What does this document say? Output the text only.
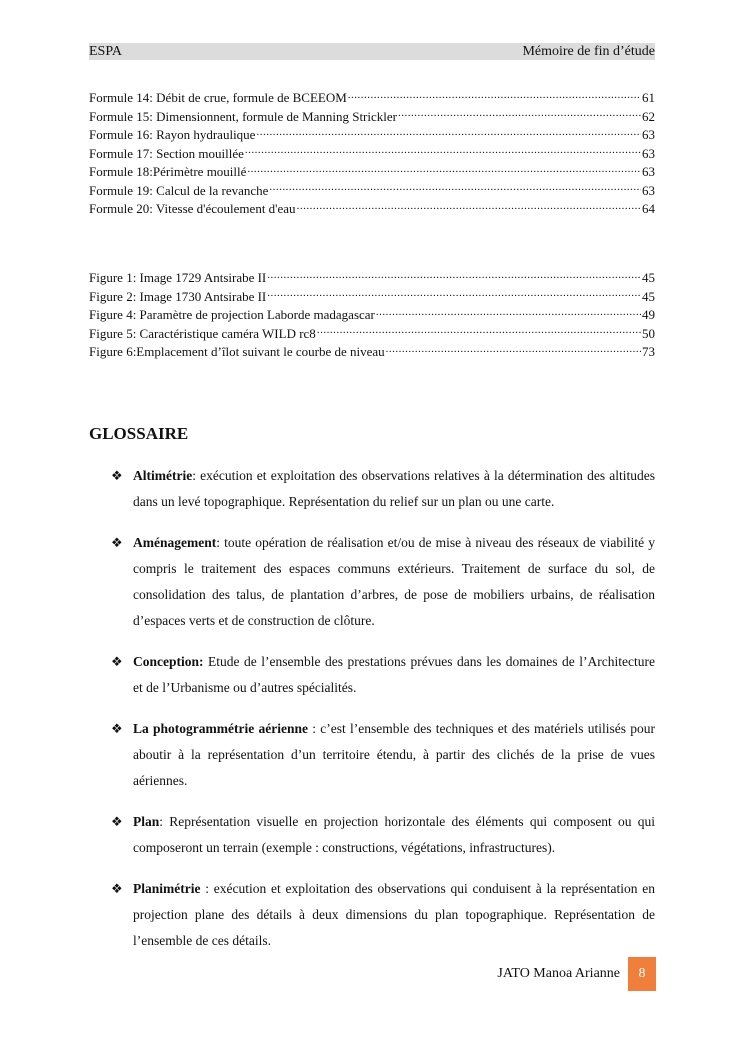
ESPA	Mémoire de fin d’étude
Formule 14: Débit de crue, formule de BCEEOM .....	61
Formule 15: Dimensionnent, formule de Manning Strickler .....	62
Formule 16: Rayon hydraulique .....	63
Formule 17: Section mouillée .....	63
Formule 18:Périmètre mouillé .....	63
Formule 19: Calcul de la revanche .....	63
Formule 20: Vitesse d'écoulement d'eau .....	64
Figure 1: Image 1729 Antsirabe II .....	45
Figure 2: Image 1730 Antsirabe II .....	45
Figure 4: Paramètre de projection Laborde madagascar .....	49
Figure 5: Caractéristique caméra WILD rc8 .....	50
Figure 6:Emplacement d’îlot suivant le courbe de niveau .....	73
GLOSSAIRE
❖ Altimétrie: exécution et exploitation des observations relatives à la détermination des altitudes dans un levé topographique. Représentation du relief sur un plan ou une carte.
❖ Aménagement: toute opération de réalisation et/ou de mise à niveau des réseaux de viabilité y compris le traitement des espaces communs extérieurs. Traitement de surface du sol, de consolidation des talus, de plantation d’arbres, de pose de mobiliers urbains, de réalisation d’espaces verts et de construction de clôture.
❖ Conception: Etude de l’ensemble des prestations prévues dans les domaines de l’Architecture et de l’Urbanisme ou d’autres spécialités.
❖ La photogrammétrie aérienne : c’est l’ensemble des techniques et des matériels utilisés pour aboutir à la représentation d’un territoire étendu, à partir des clichés de la prise de vues aériennes.
❖ Plan: Représentation visuelle en projection horizontale des éléments qui composent ou qui composeront un terrain (exemple : constructions, végétations, infrastructures).
❖ Planimétrie : exécution et exploitation des observations qui conduisent à la représentation en projection plane des détails à deux dimensions du plan topographique. Représentation de l’ensemble de ces détails.
JATO Manoa Arianne	8
